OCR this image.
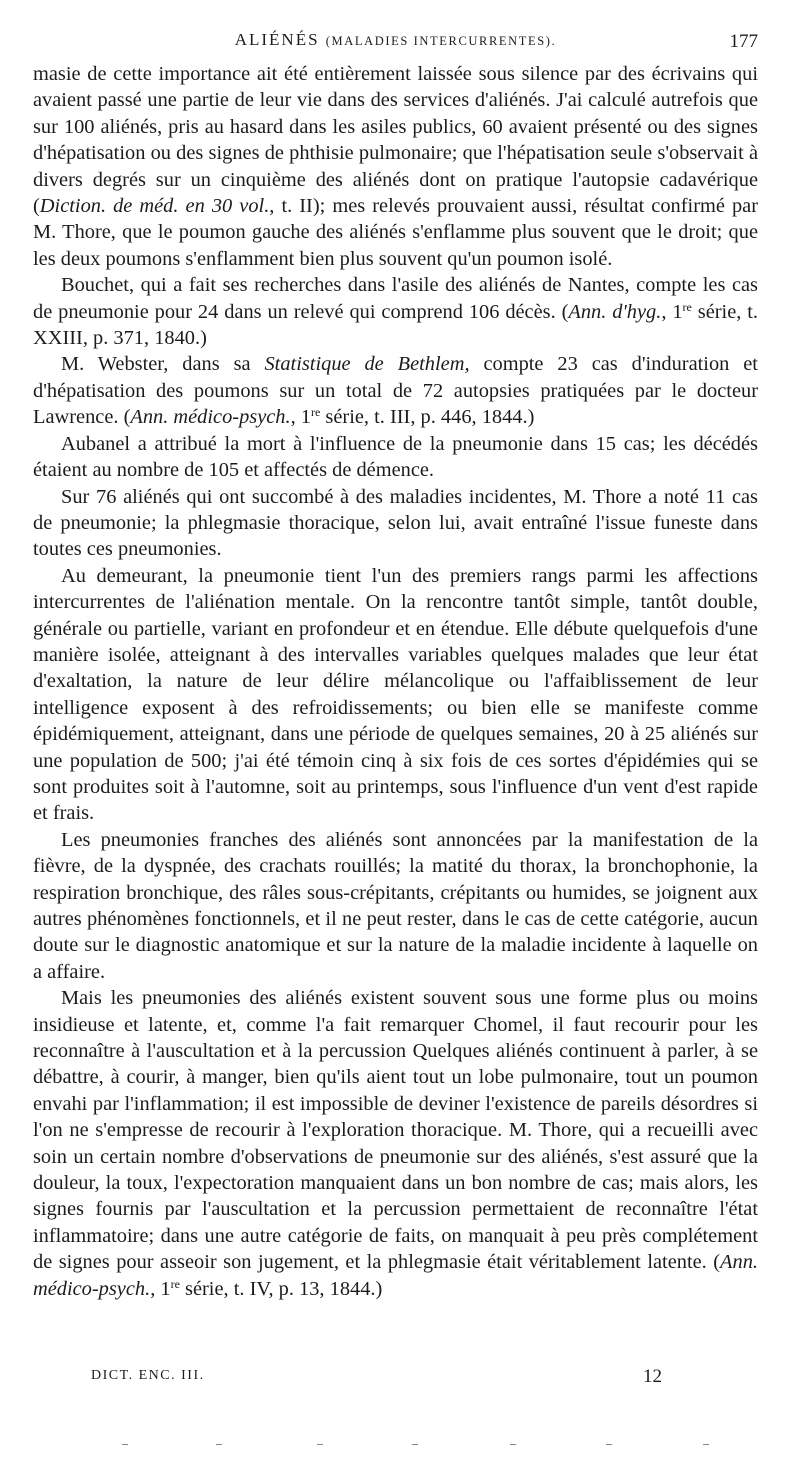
ALIÉNÉS (MALADIES INTERCURRENTES).	177

masie de cette importance ait été entièrement laissée sous silence par des écrivains qui avaient passé une partie de leur vie dans des services d'aliénés. J'ai calculé autrefois que sur 100 aliénés, pris au hasard dans les asiles publics, 60 avaient présenté ou des signes d'hépatisation ou des signes de phthisie pulmonaire; que l'hépatisation seule s'observait à divers degrés sur un cinquième des aliénés dont on pratique l'autopsie cadavérique (Diction. de méd. en 30 vol., t. II); mes relevés prouvaient aussi, résultat confirmé par M. Thore, que le poumon gauche des aliénés s'enflamme plus souvent que le droit; que les deux poumons s'enflamment bien plus souvent qu'un poumon isolé.

Bouchet, qui a fait ses recherches dans l'asile des aliénés de Nantes, compte les cas de pneumonie pour 24 dans un relevé qui comprend 106 décès. (Ann. d'hyg., 1re série, t. XXIII, p. 371, 1840.)

M. Webster, dans sa Statistique de Bethlem, compte 23 cas d'induration et d'hépatisation des poumons sur un total de 72 autopsies pratiquées par le docteur Lawrence. (Ann. médico-psych., 1re série, t. III, p. 446, 1844.)

Aubanel a attribué la mort à l'influence de la pneumonie dans 15 cas; les décédés étaient au nombre de 105 et affectés de démence.

Sur 76 aliénés qui ont succombé à des maladies incidentes, M. Thore a noté 11 cas de pneumonie; la phlegmasie thoracique, selon lui, avait entraîné l'issue funeste dans toutes ces pneumonies.

Au demeurant, la pneumonie tient l'un des premiers rangs parmi les affections intercurrentes de l'aliénation mentale. On la rencontre tantôt simple, tantôt double, générale ou partielle, variant en profondeur et en étendue. Elle débute quelquefois d'une manière isolée, atteignant à des intervalles variables quelques malades que leur état d'exaltation, la nature de leur délire mélancolique ou l'affaiblissement de leur intelligence exposent à des refroidissements; ou bien elle se manifeste comme épidémiquement, atteignant, dans une période de quelques semaines, 20 à 25 aliénés sur une population de 500; j'ai été témoin cinq à six fois de ces sortes d'épidémies qui se sont produites soit à l'automne, soit au printemps, sous l'influence d'un vent d'est rapide et frais.

Les pneumonies franches des aliénés sont annoncées par la manifestation de la fièvre, de la dyspnée, des crachats rouillés; la matité du thorax, la bronchophonie, la respiration bronchique, des râles sous-crépitants, crépitants ou humides, se joignent aux autres phénomènes fonctionnels, et il ne peut rester, dans le cas de cette catégorie, aucun doute sur le diagnostic anatomique et sur la nature de la maladie incidente à laquelle on a affaire.

Mais les pneumonies des aliénés existent souvent sous une forme plus ou moins insidieuse et latente, et, comme l'a fait remarquer Chomel, il faut recourir pour les reconnaître à l'auscultation et à la percussion Quelques aliénés continuent à parler, à se débattre, à courir, à manger, bien qu'ils aient tout un lobe pulmonaire, tout un poumon envahi par l'inflammation; il est impossible de deviner l'existence de pareils désordres si l'on ne s'empresse de recourir à l'exploration thoracique. M. Thore, qui a recueilli avec soin un certain nombre d'observations de pneumonie sur des aliénés, s'est assuré que la douleur, la toux, l'expectoration manquaient dans un bon nombre de cas; mais alors, les signes fournis par l'auscultation et la percussion permettaient de reconnaître l'état inflammatoire; dans une autre catégorie de faits, on manquait à peu près complétement de signes pour asseoir son jugement, et la phlegmasie était véritablement latente. (Ann. médico-psych., 1re série, t. IV, p. 13, 1844.)

DICT. ENC. III.	12
